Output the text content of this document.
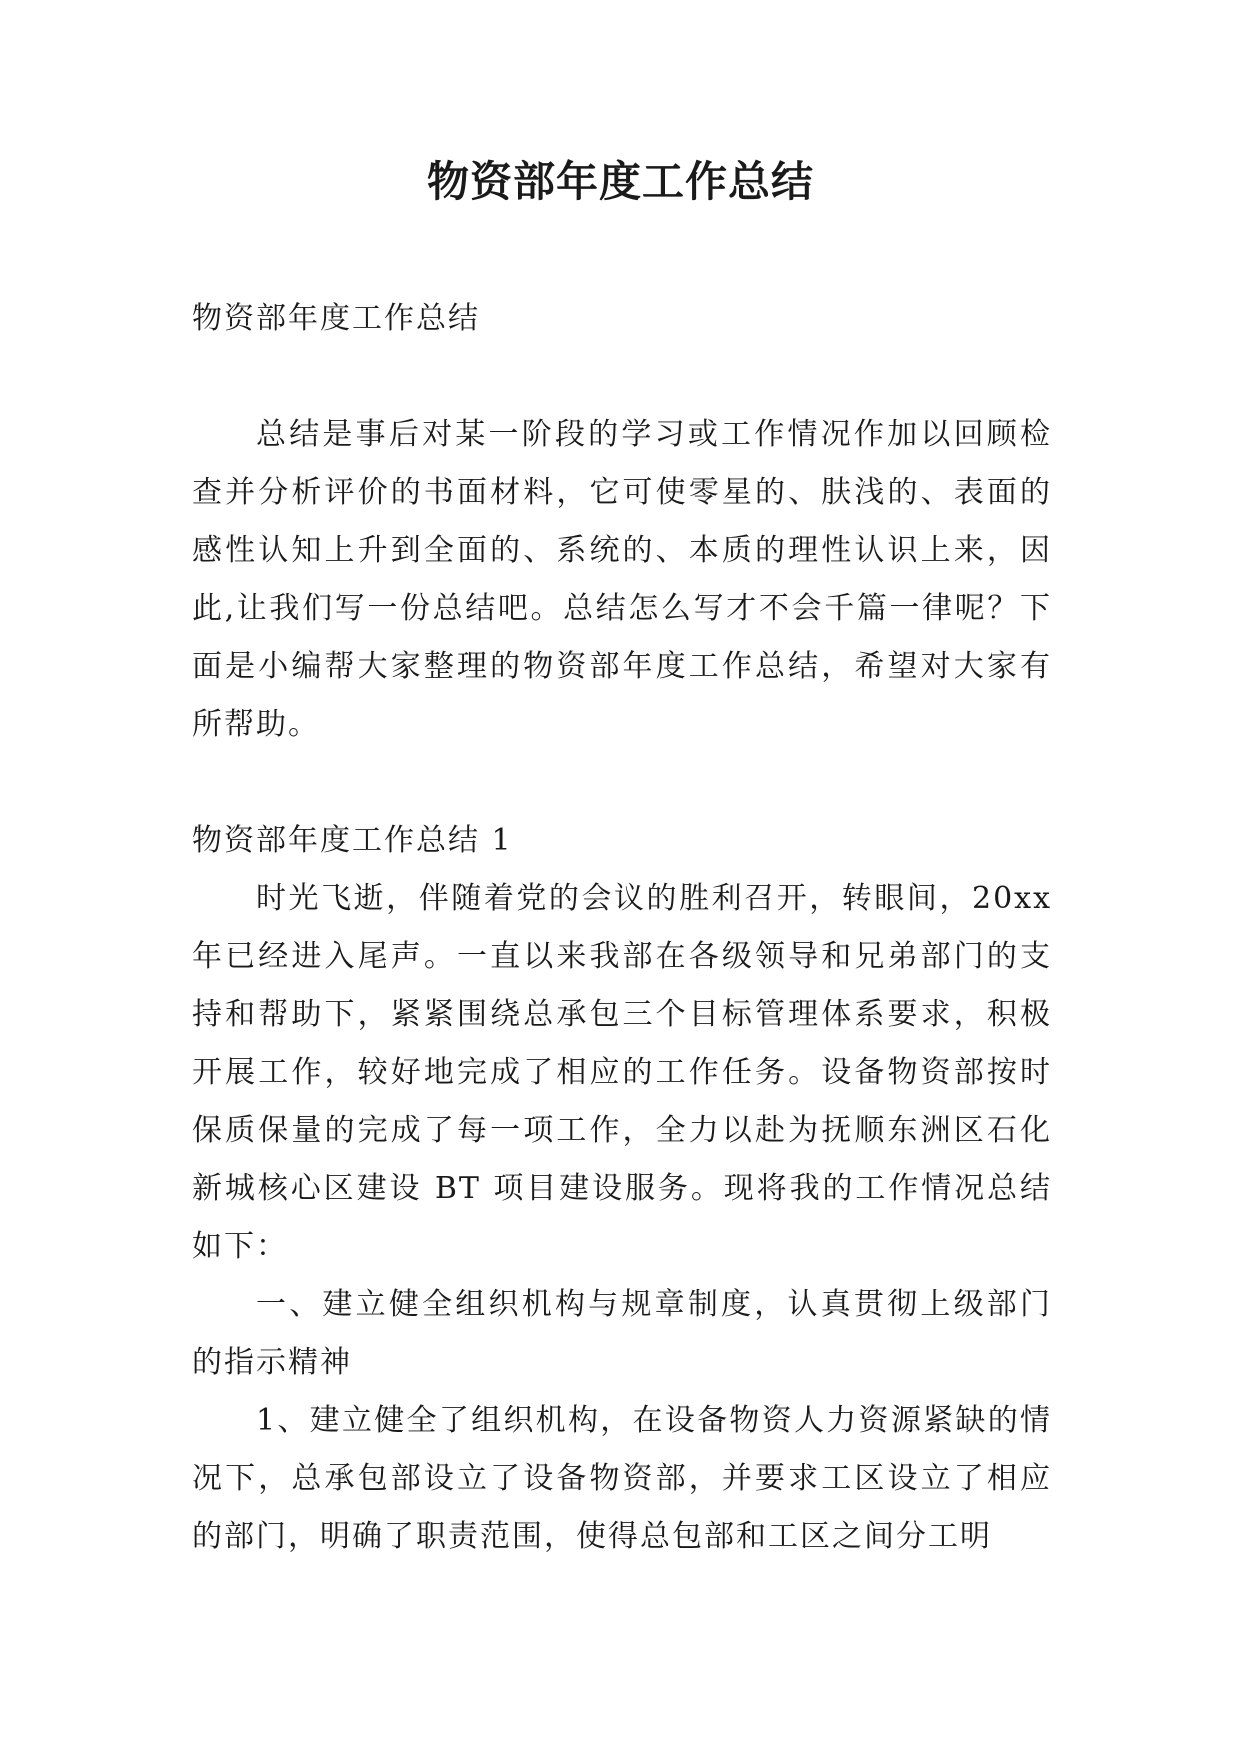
物资部年度工作总结

物资部年度工作总结

总结是事后对某一阶段的学习或工作情况作加以回顾检查并分析评价的书面材料，它可使零星的、肤浅的、表面的感性认知上升到全面的、系统的、本质的理性认识上来，因此,让我们写一份总结吧。总结怎么写才不会千篇一律呢？下面是小编帮大家整理的物资部年度工作总结，希望对大家有所帮助。

物资部年度工作总结 1

时光飞逝，伴随着党的会议的胜利召开，转眼间，20xx 年已经进入尾声。一直以来我部在各级领导和兄弟部门的支持和帮助下，紧紧围绕总承包三个目标管理体系要求，积极开展工作，较好地完成了相应的工作任务。设备物资部按时保质保量的完成了每一项工作，全力以赴为抚顺东洲区石化新城核心区建设 BT 项目建设服务。现将我的工作情况总结如下：

一、建立健全组织机构与规章制度，认真贯彻上级部门的指示精神

1、建立健全了组织机构，在设备物资人力资源紧缺的情况下，总承包部设立了设备物资部，并要求工区设立了相应的部门，明确了职责范围，使得总包部和工区之间分工明
